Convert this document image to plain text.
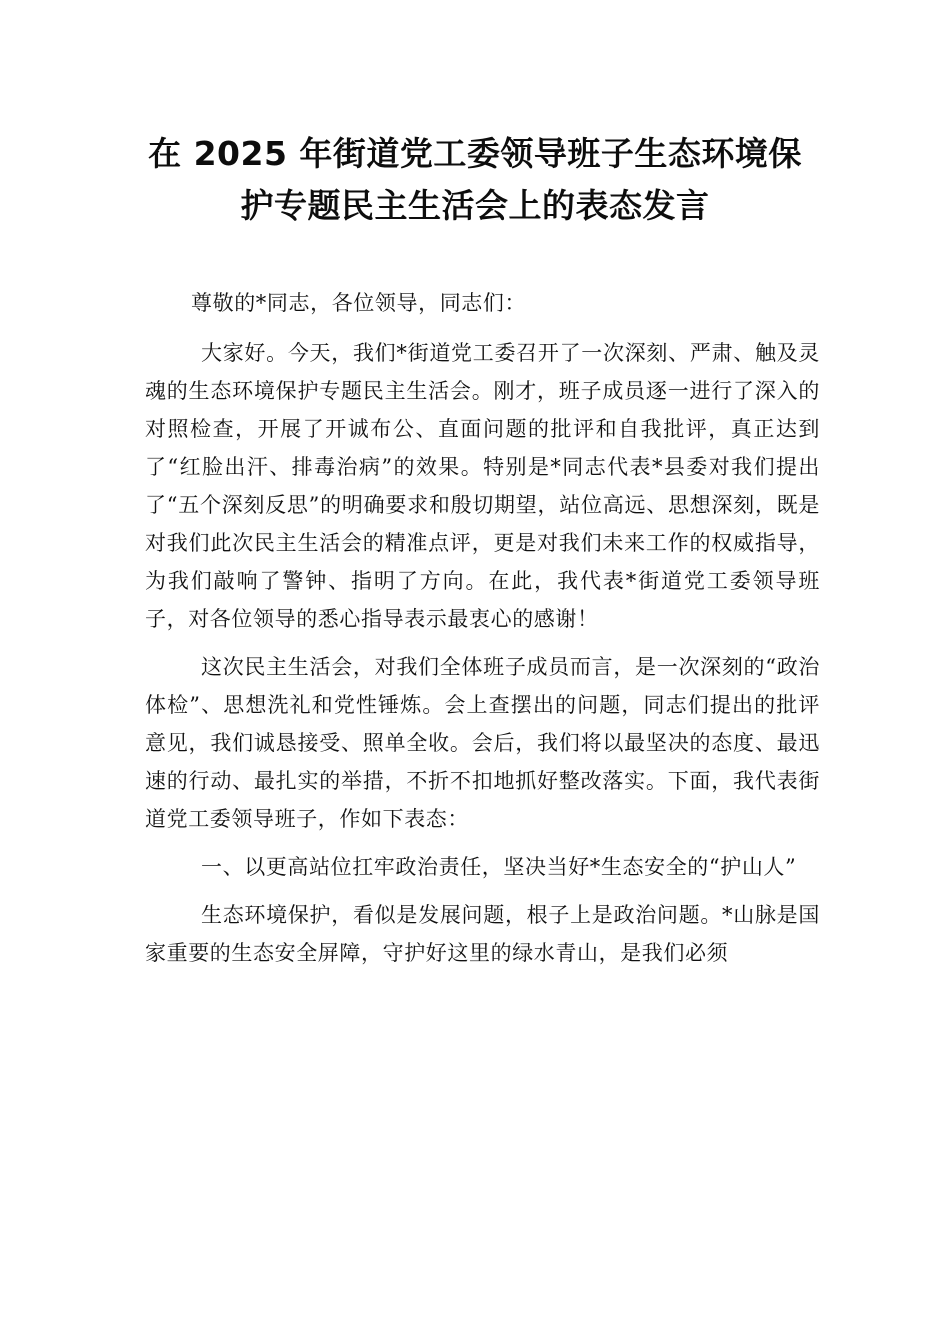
在 2025 年街道党工委领导班子生态环境保
护专题民主生活会上的表态发言

尊敬的*同志，各位领导，同志们：

大家好。今天，我们*街道党工委召开了一次深刻、严肃、触及灵魂的生态环境保护专题民主生活会。刚才，班子成员逐一进行了深入的对照检查，开展了开诚布公、直面问题的批评和自我批评，真正达到了“红脸出汗、排毒治病”的效果。特别是*同志代表*县委对我们提出了“五个深刻反思”的明确要求和殷切期望，站位高远、思想深刻，既是对我们此次民主生活会的精准点评，更是对我们未来工作的权威指导，为我们敲响了警钟、指明了方向。在此，我代表*街道党工委领导班子，对各位领导的悉心指导表示最衷心的感谢！

这次民主生活会，对我们全体班子成员而言，是一次深刻的“政治体检”、思想洗礼和党性锤炼。会上查摆出的问题，同志们提出的批评意见，我们诚恳接受、照单全收。会后，我们将以最坚决的态度、最迅速的行动、最扎实的举措，不折不扣地抓好整改落实。下面，我代表街道党工委领导班子，作如下表态：

一、以更高站位扛牢政治责任，坚决当好*生态安全的“护山人”

生态环境保护，看似是发展问题，根子上是政治问题。*山脉是国家重要的生态安全屏障，守护好这里的绿水青山，是我们必须
